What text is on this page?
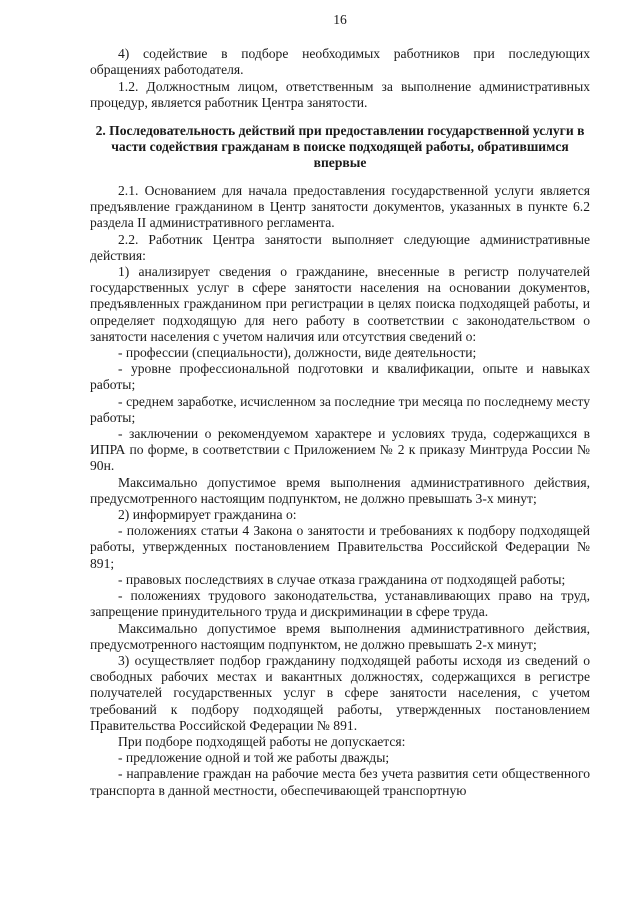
16

4) содействие в подборе необходимых работников при последующих обращениях работодателя.

1.2. Должностным лицом, ответственным за выполнение административных процедур, является работник Центра занятости.

2. Последовательность действий при предоставлении государственной услуги в части содействия гражданам в поиске подходящей работы, обратившимся впервые

2.1. Основанием для начала предоставления государственной услуги является предъявление гражданином в Центр занятости документов, указанных в пункте 6.2 раздела II административного регламента.

2.2. Работник Центра занятости выполняет следующие административные действия:

1) анализирует сведения о гражданине, внесенные в регистр получателей государственных услуг в сфере занятости населения на основании документов, предъявленных гражданином при регистрации в целях поиска подходящей работы, и определяет подходящую для него работу в соответствии с законодательством о занятости населения с учетом наличия или отсутствия сведений о:

- профессии (специальности), должности, виде деятельности;

- уровне профессиональной подготовки и квалификации, опыте и навыках работы;

- среднем заработке, исчисленном за последние три месяца по последнему месту работы;

- заключении о рекомендуемом характере и условиях труда, содержащихся в ИПРА по форме, в соответствии с Приложением № 2 к приказу Минтруда России № 90н.

Максимально допустимое время выполнения административного действия, предусмотренного настоящим подпунктом, не должно превышать 3-х минут;

2) информирует гражданина о:

- положениях статьи 4 Закона о занятости и требованиях к подбору подходящей работы, утвержденных постановлением Правительства Российской Федерации № 891;

- правовых последствиях в случае отказа гражданина от подходящей работы;

- положениях трудового законодательства, устанавливающих право на труд, запрещение принудительного труда и дискриминации в сфере труда.

Максимально допустимое время выполнения административного действия, предусмотренного настоящим подпунктом, не должно превышать 2-х минут;

3) осуществляет подбор гражданину подходящей работы исходя из сведений о свободных рабочих местах и вакантных должностях, содержащихся в регистре получателей государственных услуг в сфере занятости населения, с учетом требований к подбору подходящей работы, утвержденных постановлением Правительства Российской Федерации № 891.

При подборе подходящей работы не допускается:

- предложение одной и той же работы дважды;

- направление граждан на рабочие места без учета развития сети общественного транспорта в данной местности, обеспечивающей транспортную
